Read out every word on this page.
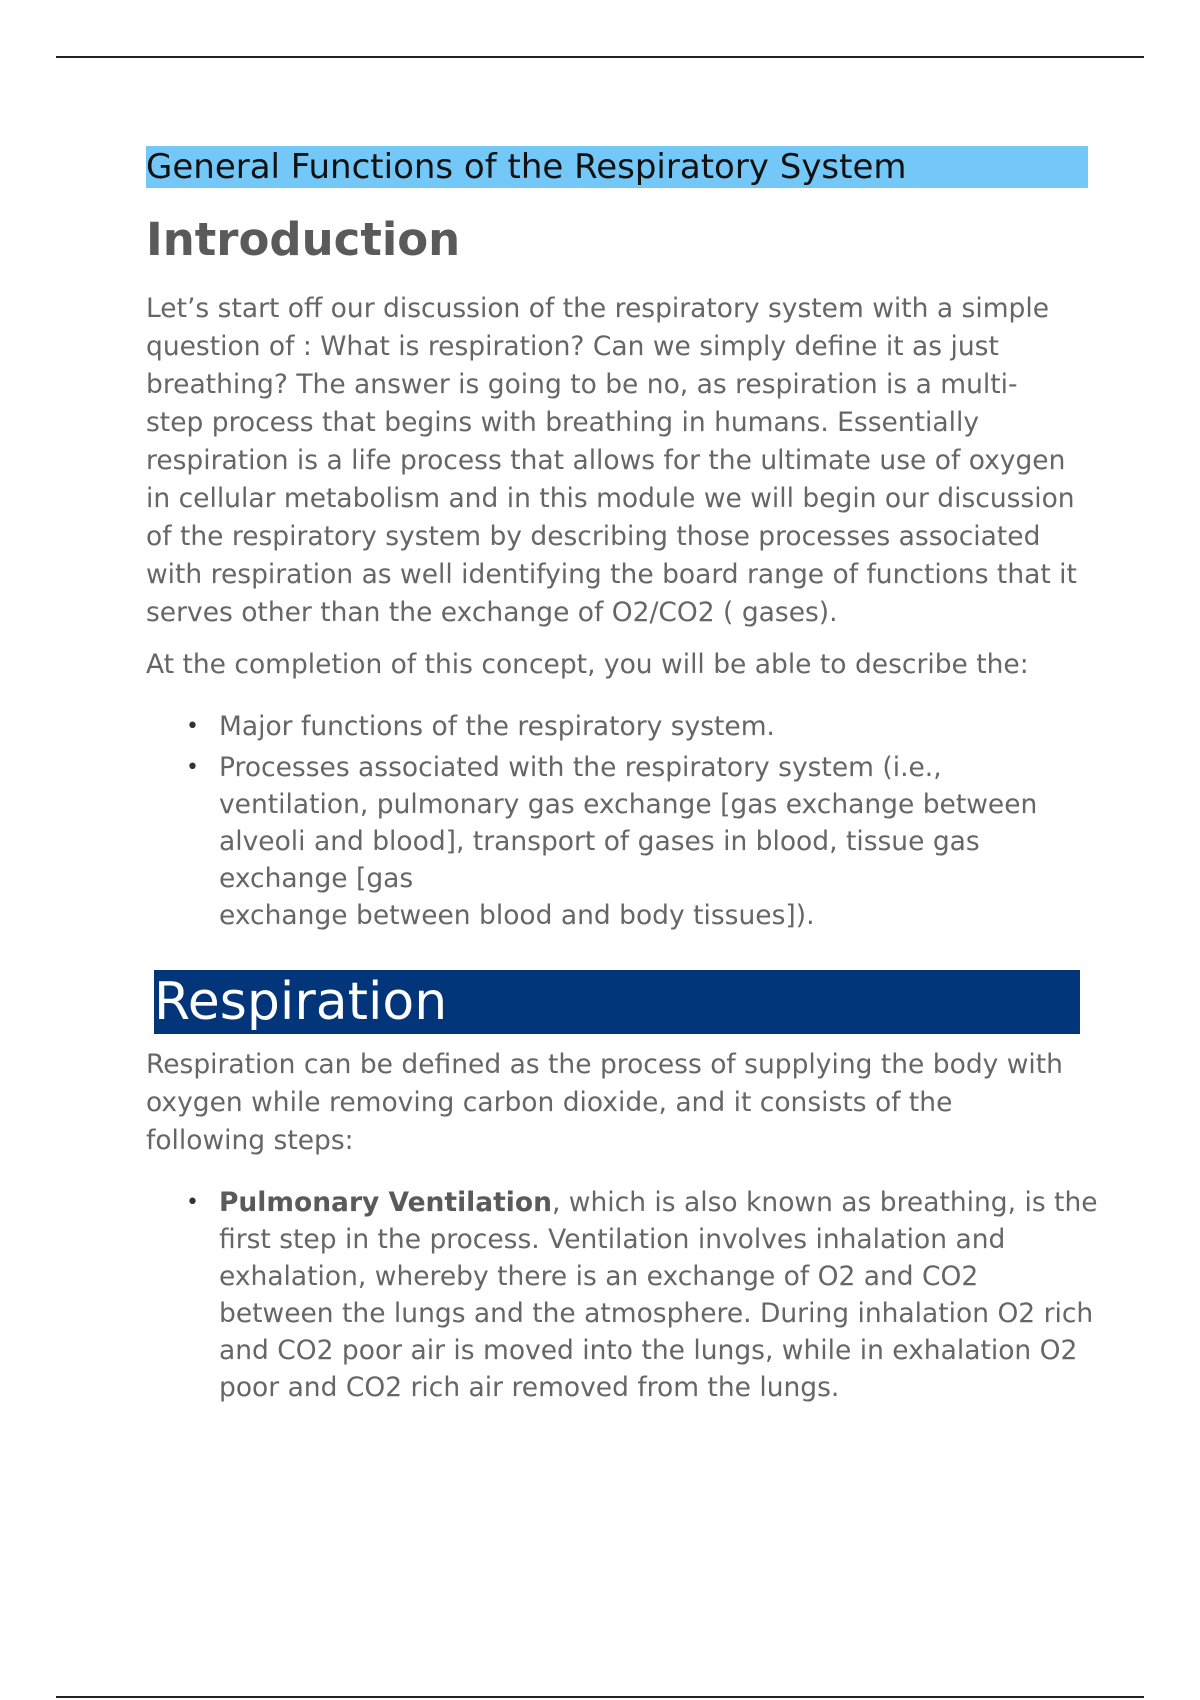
General Functions of the Respiratory System
Introduction

Let’s start off our discussion of the respiratory system with a simple question of : What is respiration? Can we simply define it as just breathing? The answer is going to be no, as respiration is a multi-

step process that begins with breathing in humans. Essentially respiration is a life process that allows for the ultimate use of oxygen in cellular metabolism and in this module we will begin our discussion of the respiratory system by describing those processes associated with respiration as well identifying the board range of functions that it serves other than the exchange of O2/CO2 ( gases).

At the completion of this concept, you will be able to describe the:

• Major functions of the respiratory system.
• Processes associated with the respiratory system (i.e., ventilation, pulmonary gas exchange [gas exchange between alveoli and blood], transport of gases in blood, tissue gas exchange [gas
exchange between blood and body tissues]).
Respiration

Respiration can be defined as the process of supplying the body with oxygen while removing carbon dioxide, and it consists of the following steps:

• Pulmonary Ventilation, which is also known as breathing, is the first step in the process. Ventilation involves inhalation and exhalation, whereby there is an exchange of O2 and CO2 between the lungs and the atmosphere. During inhalation O2 rich and CO2 poor air is moved into the lungs, while in exhalation O2 poor and CO2 rich air removed from the lungs.
